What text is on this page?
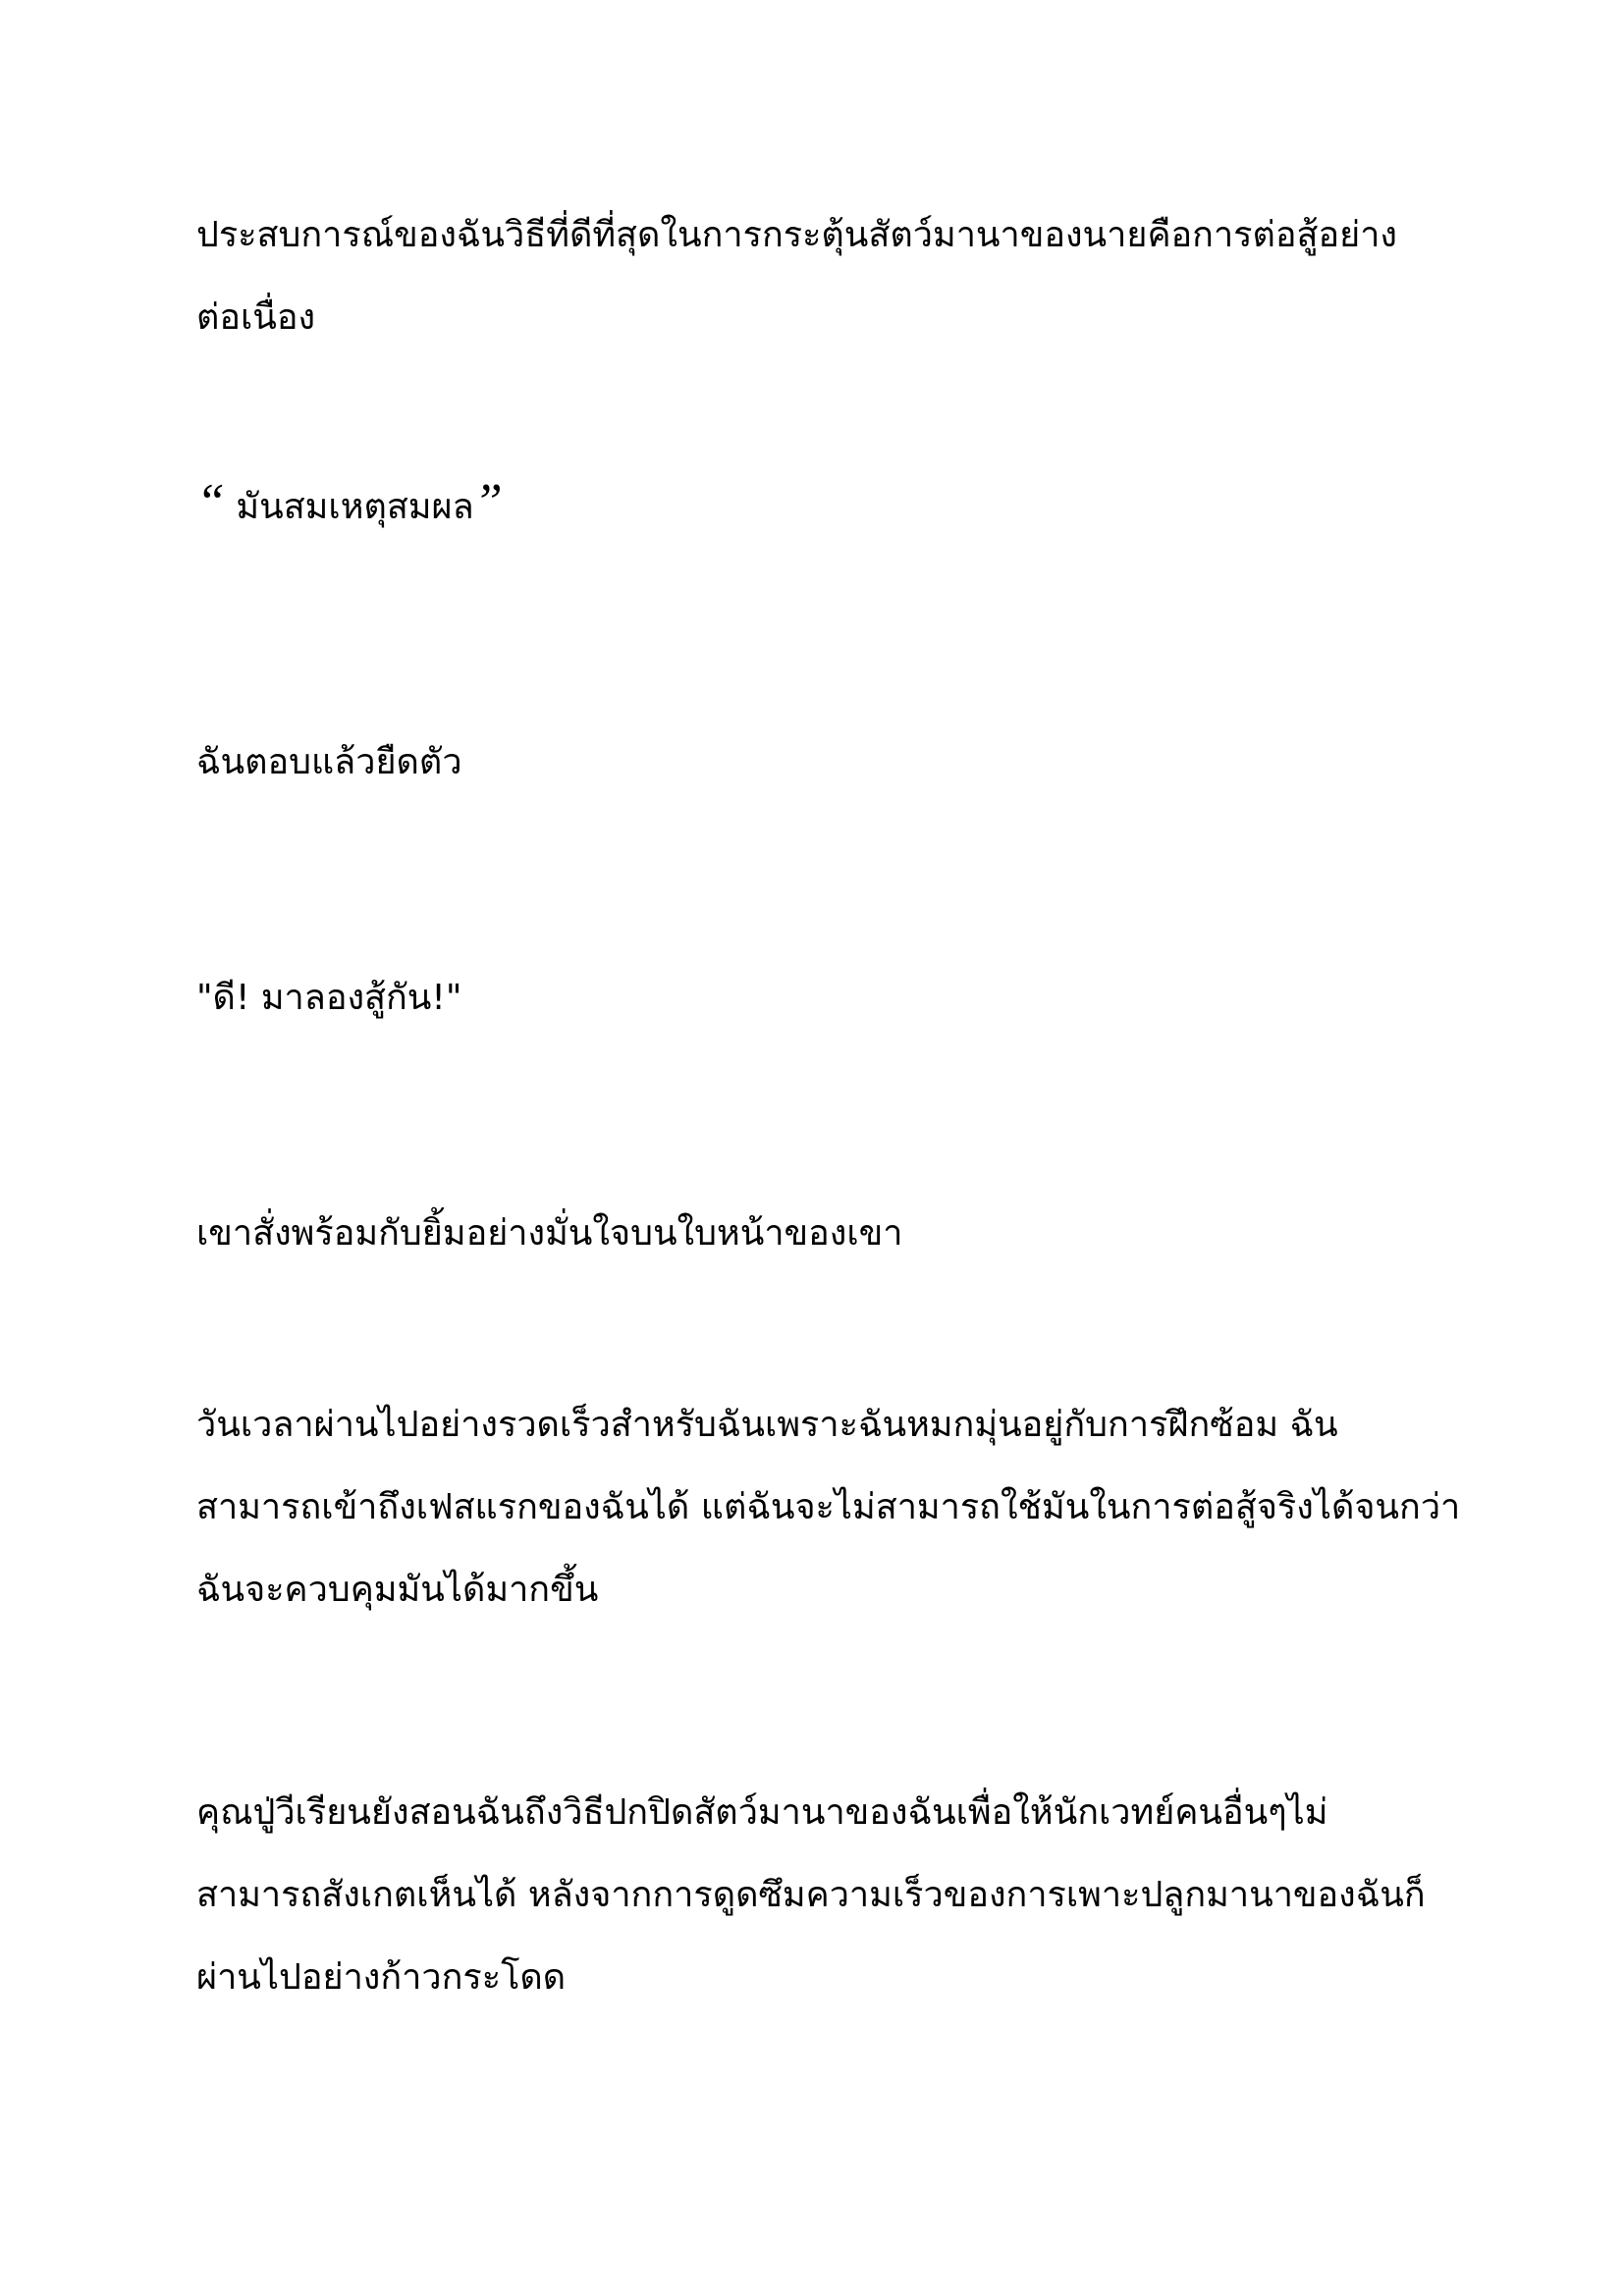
ประสบการณ์ของฉันวิธีที่ดีที่สุดในการกระตุ้นสัตว์มานาของนายคือการต่อสู้อย่าง
ต่อเนื่อง

“ มันสมเหตุสมผล”

ฉันตอบแล้วยืดตัว

"ดี! มาลองสู้กัน!"

เขาสั่งพร้อมกับยิ้มอย่างมั่นใจบนใบหน้าของเขา

วันเวลาผ่านไปอย่างรวดเร็วสำหรับฉันเพราะฉันหมกมุ่นอยู่กับการฝึกซ้อม ฉัน
สามารถเข้าถึงเฟสแรกของฉันได้ แต่ฉันจะไม่สามารถใช้มันในการต่อสู้จริงได้จนกว่า
ฉันจะควบคุมมันได้มากขึ้น

คุณปู่วีเรียนยังสอนฉันถึงวิธีปกปิดสัตว์มานาของฉันเพื่อให้นักเวทย์คนอื่นๆไม่
สามารถสังเกตเห็นได้ หลังจากการดูดซึมความเร็วของการเพาะปลูกมานาของฉันก็
ผ่านไปอย่างก้าวกระโดด
